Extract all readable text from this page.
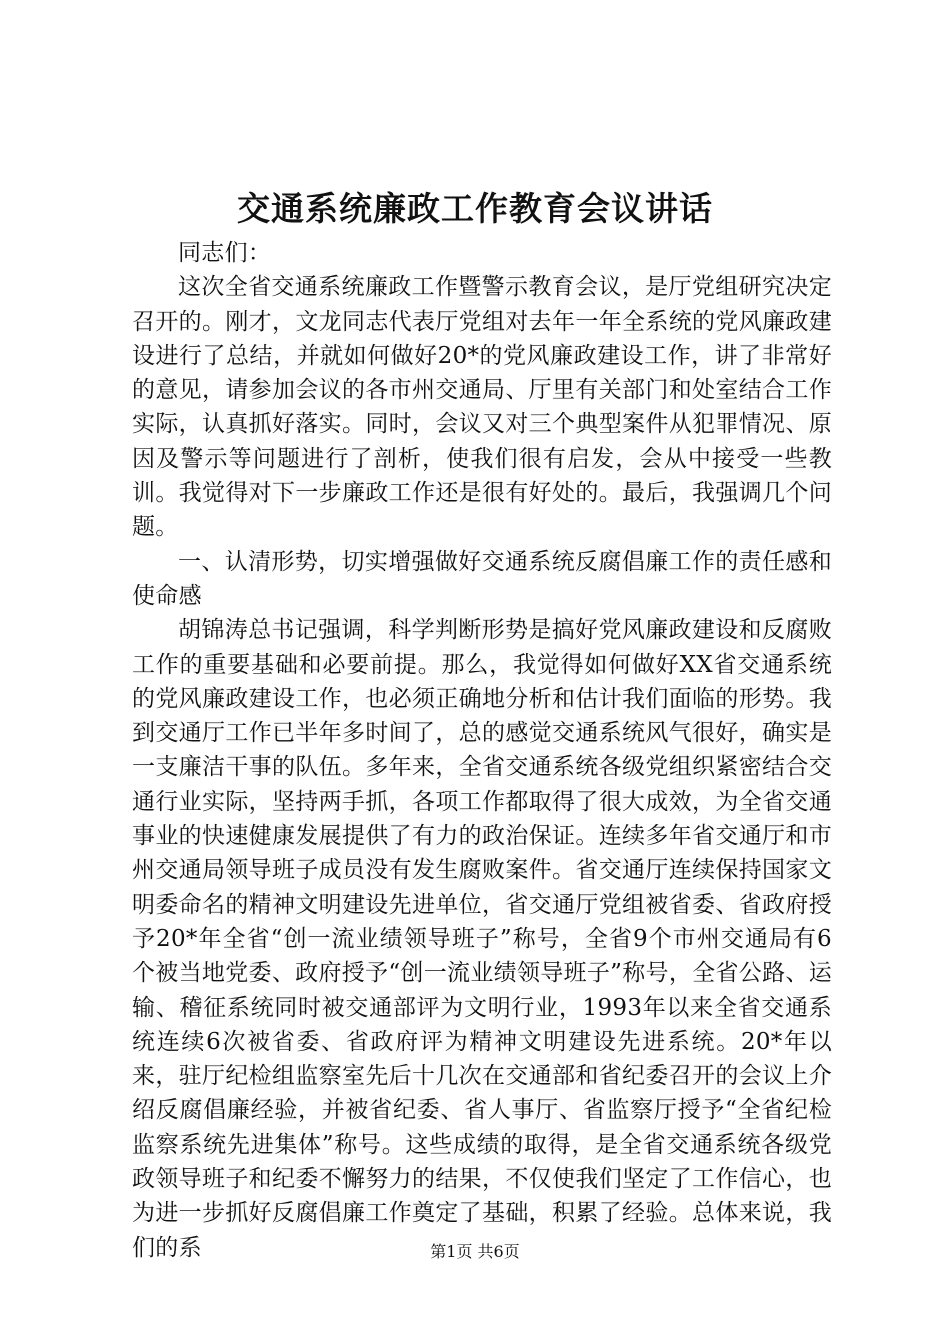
交通系统廉政工作教育会议讲话

同志们：

这次全省交通系统廉政工作暨警示教育会议，是厅党组研究决定召开的。刚才，文龙同志代表厅党组对去年一年全系统的党风廉政建设进行了总结，并就如何做好20*的党风廉政建设工作，讲了非常好的意见，请参加会议的各市州交通局、厅里有关部门和处室结合工作实际，认真抓好落实。同时，会议又对三个典型案件从犯罪情况、原因及警示等问题进行了剖析，使我们很有启发，会从中接受一些教训。我觉得对下一步廉政工作还是很有好处的。最后，我强调几个问题。

一、认清形势，切实增强做好交通系统反腐倡廉工作的责任感和使命感

胡锦涛总书记强调，科学判断形势是搞好党风廉政建设和反腐败工作的重要基础和必要前提。那么，我觉得如何做好XX省交通系统的党风廉政建设工作，也必须正确地分析和估计我们面临的形势。我到交通厅工作已半年多时间了，总的感觉交通系统风气很好，确实是一支廉洁干事的队伍。多年来，全省交通系统各级党组织紧密结合交通行业实际，坚持两手抓，各项工作都取得了很大成效，为全省交通事业的快速健康发展提供了有力的政治保证。连续多年省交通厅和市州交通局领导班子成员没有发生腐败案件。省交通厅连续保持国家文明委命名的精神文明建设先进单位，省交通厅党组被省委、省政府授予20*年全省“创一流业绩领导班子”称号，全省9个市州交通局有6个被当地党委、政府授予“创一流业绩领导班子”称号，全省公路、运输、稽征系统同时被交通部评为文明行业，1993年以来全省交通系统连续6次被省委、省政府评为精神文明建设先进系统。20*年以来，驻厅纪检组监察室先后十几次在交通部和省纪委召开的会议上介绍反腐倡廉经验，并被省纪委、省人事厅、省监察厅授予“全省纪检监察系统先进集体”称号。这些成绩的取得，是全省交通系统各级党政领导班子和纪委不懈努力的结果，不仅使我们坚定了工作信心，也为进一步抓好反腐倡廉工作奠定了基础，积累了经验。总体来说，我们的系	第1页 共6页
